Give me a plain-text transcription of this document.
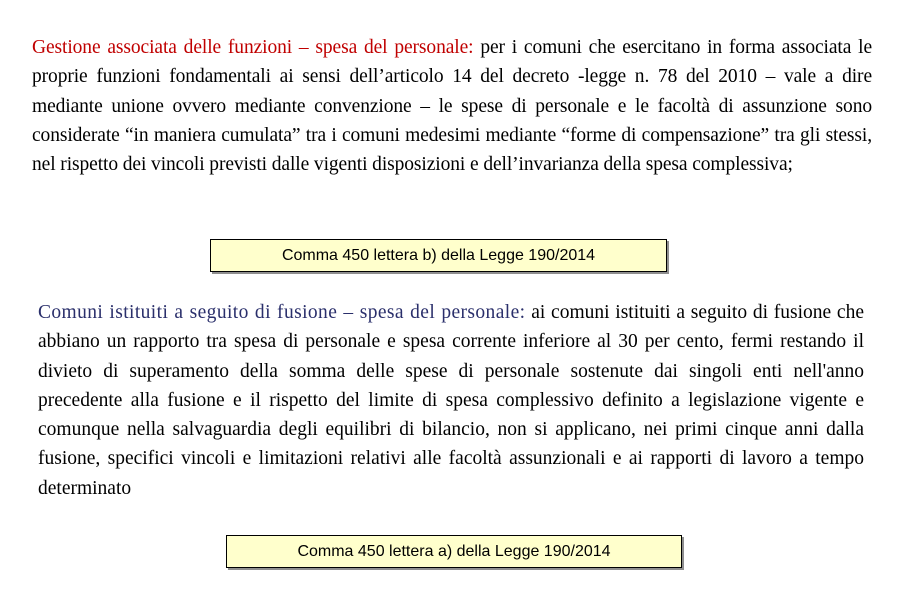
Gestione associata delle funzioni – spesa del personale: per i comuni che esercitano in forma associata le proprie funzioni fondamentali ai sensi dell’articolo 14 del decreto -legge n. 78 del 2010 – vale a dire mediante unione ovvero mediante convenzione – le spese di personale e le facoltà di assunzione sono considerate “in maniera cumulata” tra i comuni medesimi mediante “forme di compensazione” tra gli stessi, nel rispetto dei vincoli previsti dalle vigenti disposizioni e dell’invarianza della spesa complessiva;

Comma 450 lettera b) della Legge 190/2014

Comuni istituiti a seguito di fusione – spesa del personale: ai comuni istituiti a seguito di fusione che abbiano un rapporto tra spesa di personale e spesa corrente inferiore al 30 per cento, fermi restando il divieto di superamento della somma delle spese di personale sostenute dai singoli enti nell'anno precedente alla fusione e il rispetto del limite di spesa complessivo definito a legislazione vigente e comunque nella salvaguardia degli equilibri di bilancio, non si applicano, nei primi cinque anni dalla fusione, specifici vincoli e limitazioni relativi alle facoltà assunzionali e ai rapporti di lavoro a tempo determinato

Comma 450 lettera a) della Legge 190/2014
